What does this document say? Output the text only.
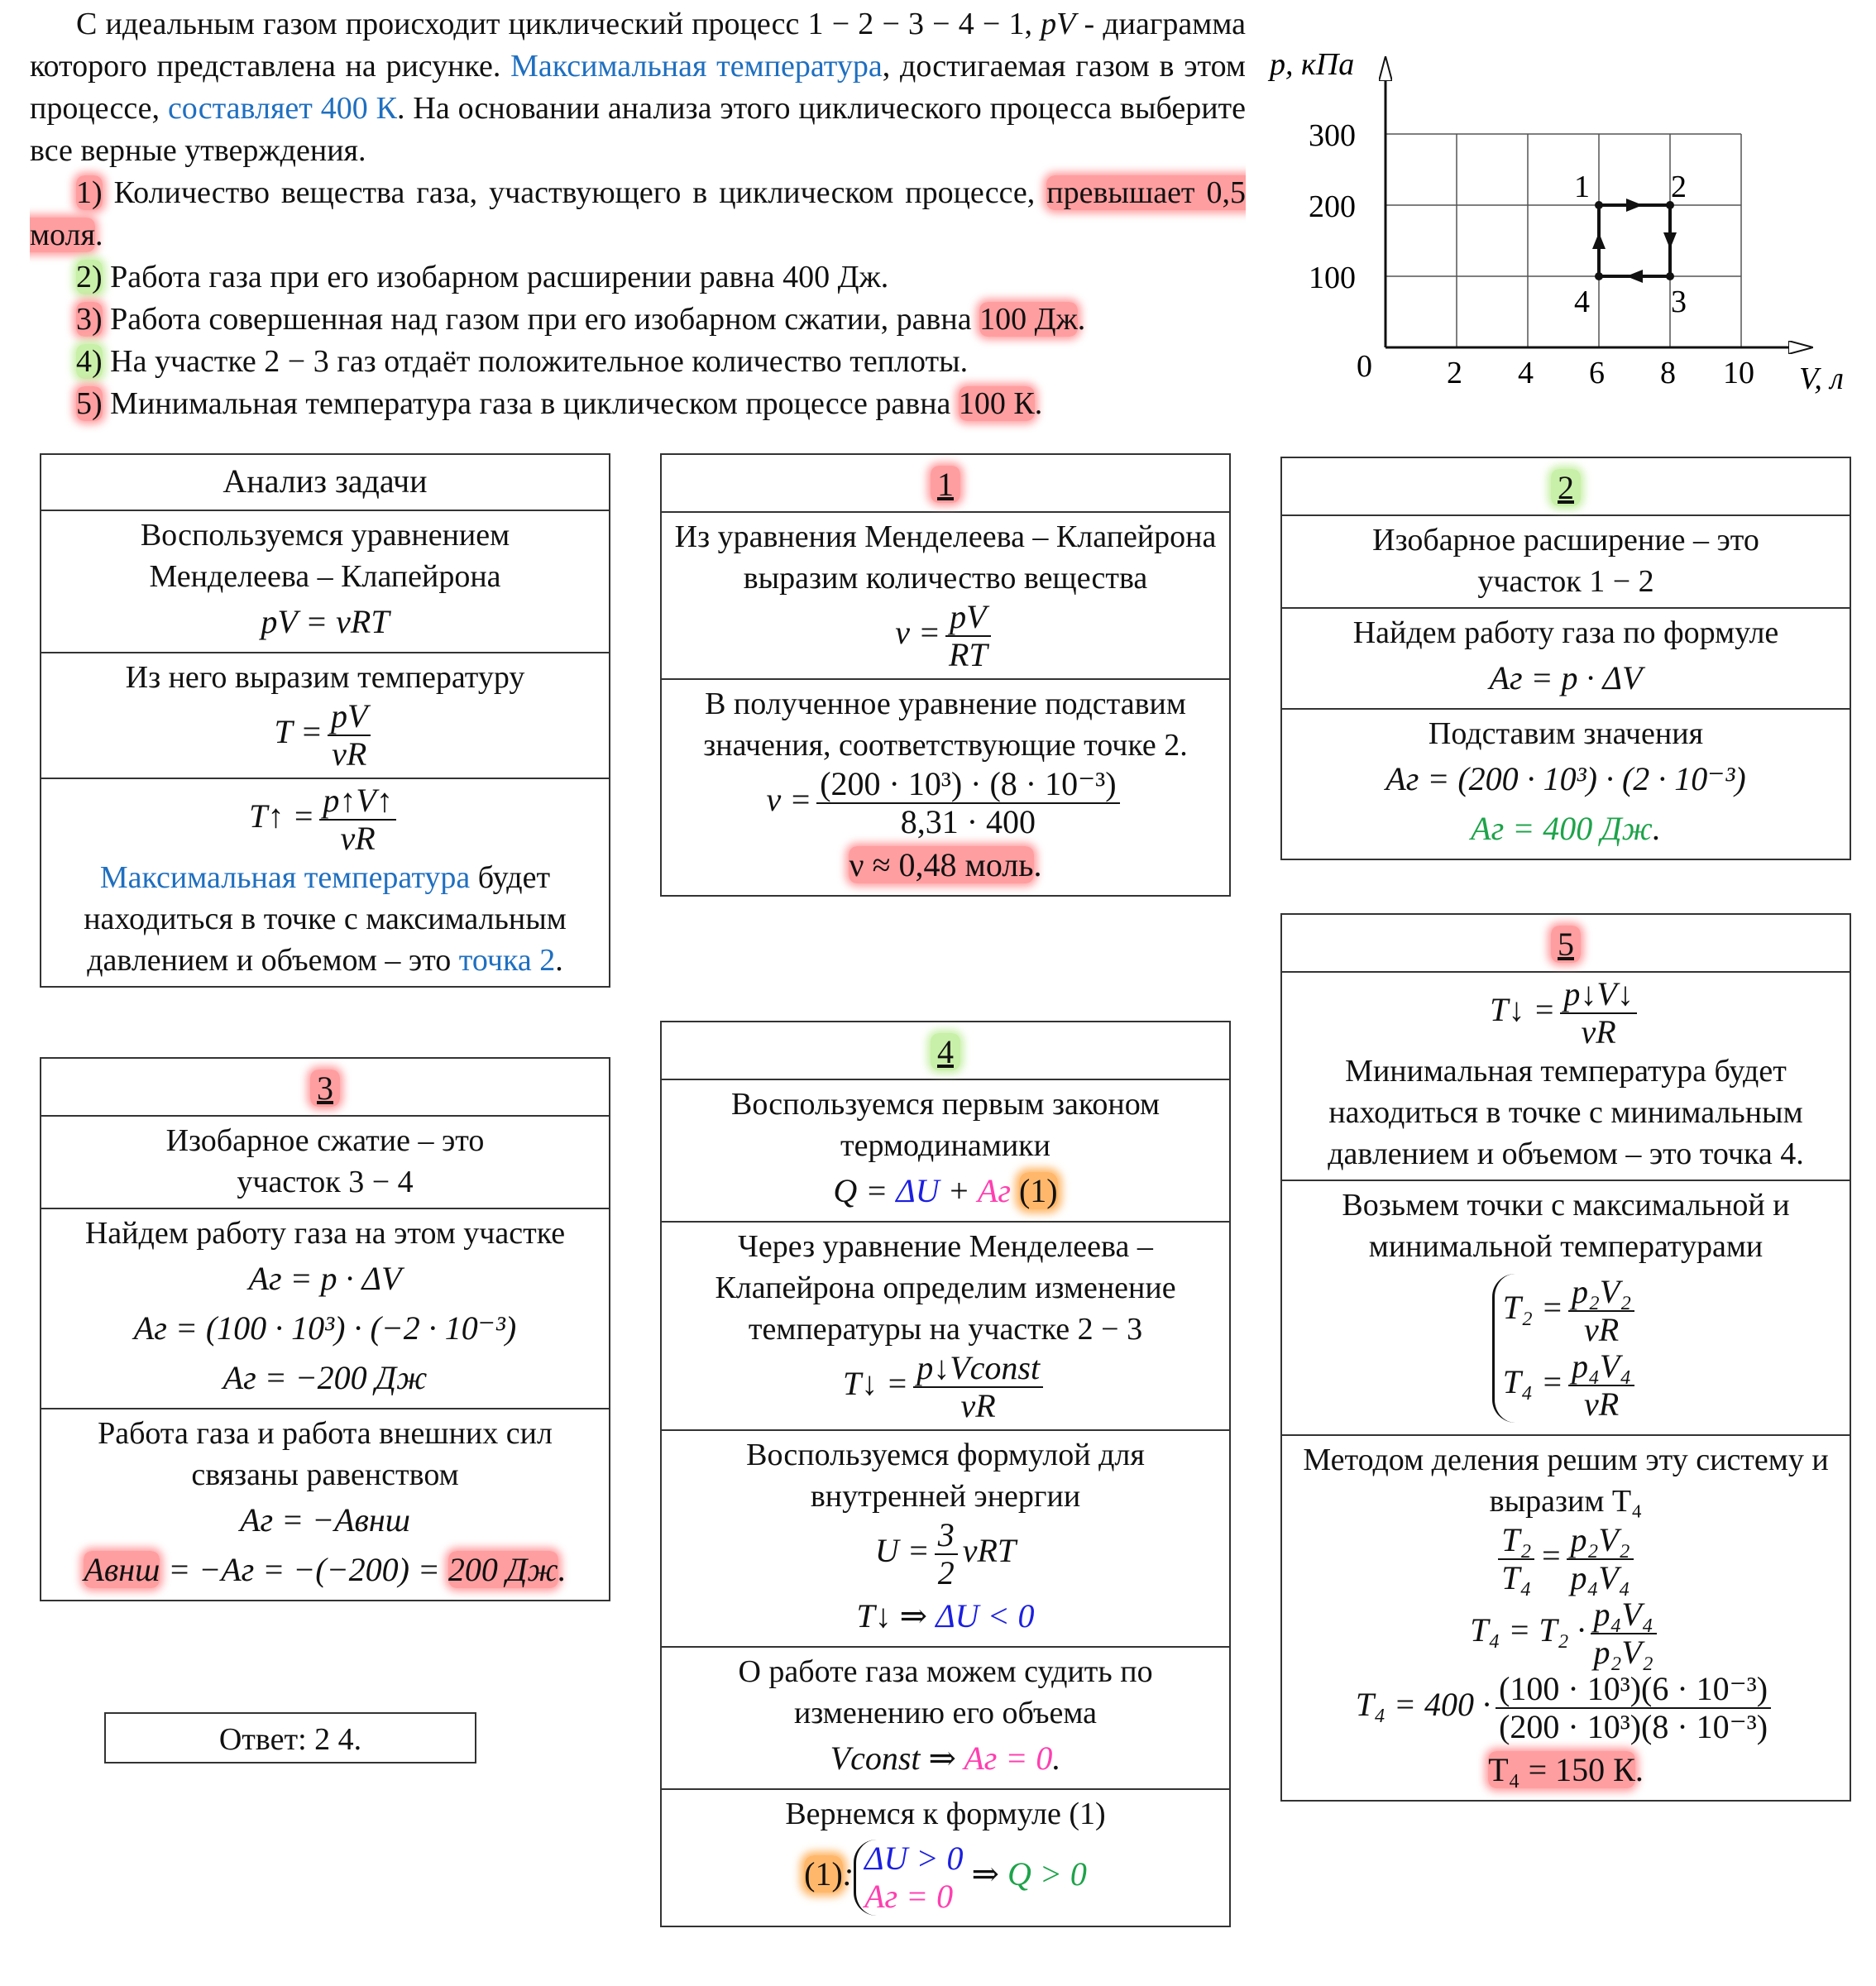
С идеальным газом происходит циклический процесс 1 − 2 − 3 − 4 − 1, pV - диаграмма которого представлена на рисунке. Максимальная температура, достигаемая газом в этом процессе, составляет 400 К. На основании анализа этого циклического процесса выберите все верные утверждения.

1) Количество вещества газа, участвующего в циклическом процессе, превышает 0,5 моля.

2) Работа газа при его изобарном расширении равна 400 Дж.

3) Работа совершенная над газом при его изобарном сжатии, равна 100 Дж.

4) На участке 2 − 3 газ отдаёт положительное количество теплоты.

5) Минимальная температура газа в циклическом процессе равна 100 К.

p, кПа
V, л
0
100
200
300
2 4 6 8 10
1	2
3
4
Анализ задачи
Воспользуемся уравнением Менделеева – Клапейрона
pV = νRT
Из него выразим температуру
$T = \frac{pV}{\nu R}$
T↑ = $\frac{p↑V↑}{\nu R}$
Максимальная температура будет находиться в точке с максимальным давлением и объемом – это точка 2.
3
Изобарное сжатие – это участок 3 − 4
Найдем работу газа на этом участке
Aг = p · ΔV
Aг = (100 · 10³) · (−2 · 10⁻³)
Aг = −200 Дж
Работа газа и работа внешних сил связаны равенством
Aг = −Aвнш
Aвнш = −Aг = −(−200) = 200 Дж.
Ответ: 2 4.
1
Из уравнения Менделеева – Клапейрона выразим количество вещества
$\nu = \frac{pV}{RT}$
В полученное уравнение подставим значения, соответствующие точке 2.
$\nu = \frac{\text{(200 · 10³) · (8 · 10⁻³)}}{8,31 \cdot 400}$
ν ≈ 0,48 моль.
4
Воспользуемся первым законом термодинамики
Q = ΔU + Aг (1)
Через уравнение Менделеева – Клапейрона определим изменение температуры на участке 2 − 3
T↓ = $\frac{\text{p↓Vconst}}{\nu R}$
Воспользуемся формулой для внутренней энергии
$U = \frac{3}{2}$ νRT
T↓ ⇒ ΔU < 0
О работе газа можем судить по изменению его объема
Vconst ⇒ Aг = 0.
Вернемся к формуле (1)
(1): ΔU > 0
Aг = 0
⇒ Q > 0
2
Изобарное расширение – это участок 1 − 2
Найдем работу газа по формуле
Aг = p · ΔV
Подставим значения
Aг = (200 · 10³) · (2 · 10⁻³)
Aг = 400 Дж.
5
T↓ = $\frac{p↓V↓}{\nu R}$
Минимальная температура будет находиться в точке с минимальным давлением и объемом – это точка 4.
Возьмем точки с максимальной и минимальной температурами
$T_2 = \frac{\text{p₂V₂}}{\nu R}$
$T_4 = \frac{\text{p₄V₄}}{\nu R}$
Методом деления решим эту систему и выразим T₄
$\frac{\text{T₂}}{\text{T₄}} = \frac{\text{p₂V₂}}{\text{p₄V₄}}$
$T_4 = T_2 \cdot \frac{\text{p₄V₄}}{\text{p₂V₂}}$
$T_4 = 400 \cdot \frac{\text{(100 · 10³)(6 · 10⁻³)}}{\text{(200 · 10³)(8 · 10⁻³)}}$
T₄ = 150 К.
